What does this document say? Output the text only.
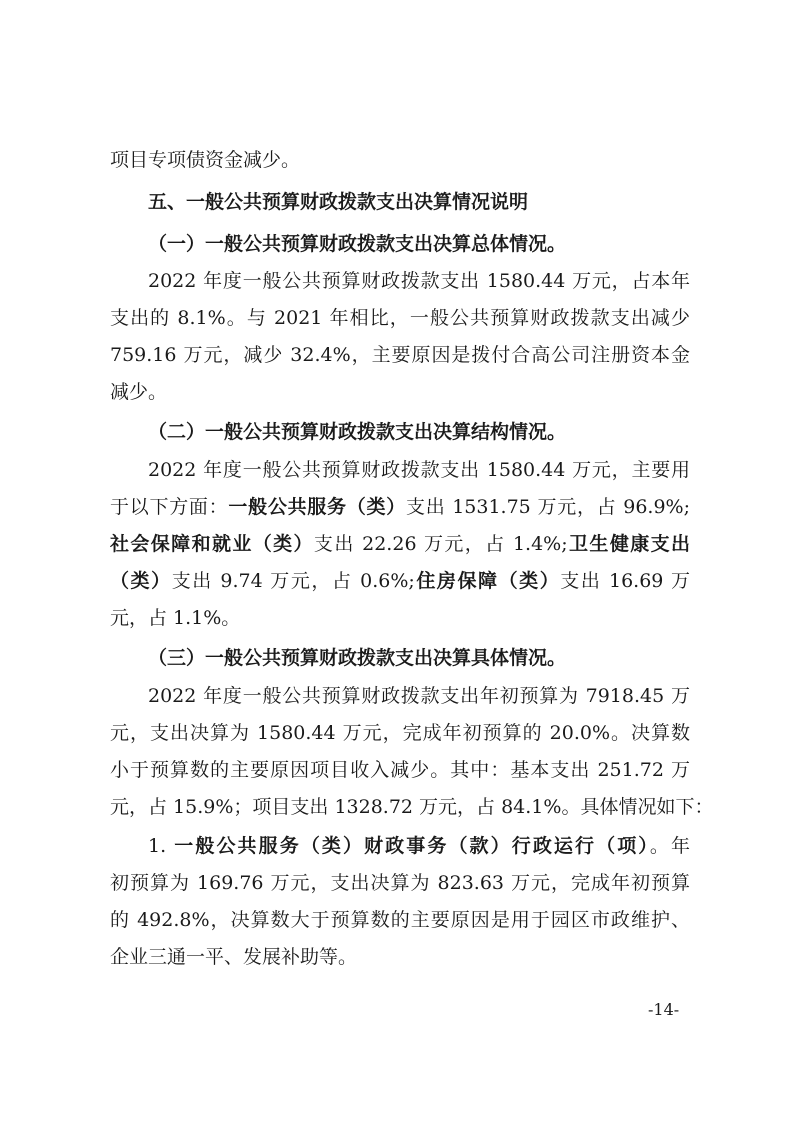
项目专项债资金减少。
五、一般公共预算财政拨款支出决算情况说明
（一）一般公共预算财政拨款支出决算总体情况。
2022 年度一般公共预算财政拨款支出 1580.44 万元，占本年
支出的 8.1%。与 2021 年相比，一般公共预算财政拨款支出减少
759.16 万元，减少 32.4%，主要原因是拨付合高公司注册资本金
减少。
（二）一般公共预算财政拨款支出决算结构情况。
2022 年度一般公共预算财政拨款支出 1580.44 万元，主要用
于以下方面：一般公共服务（类）支出 1531.75 万元，占 96.9%;
社会保障和就业（类）支出 22.26 万元，占 1.4%;卫生健康支出
（类）支出 9.74 万元，占 0.6%;住房保障（类）支出 16.69 万
元，占 1.1%。
（三）一般公共预算财政拨款支出决算具体情况。
2022 年度一般公共预算财政拨款支出年初预算为 7918.45 万
元，支出决算为 1580.44 万元，完成年初预算的 20.0%。决算数
小于预算数的主要原因项目收入减少。其中：基本支出 251.72 万
元，占 15.9%；项目支出 1328.72 万元，占 84.1%。具体情况如下：
1. 一般公共服务（类）财政事务（款）行政运行（项）。年
初预算为 169.76 万元，支出决算为 823.63 万元，完成年初预算
的 492.8%，决算数大于预算数的主要原因是用于园区市政维护、
企业三通一平、发展补助等。
-14-
